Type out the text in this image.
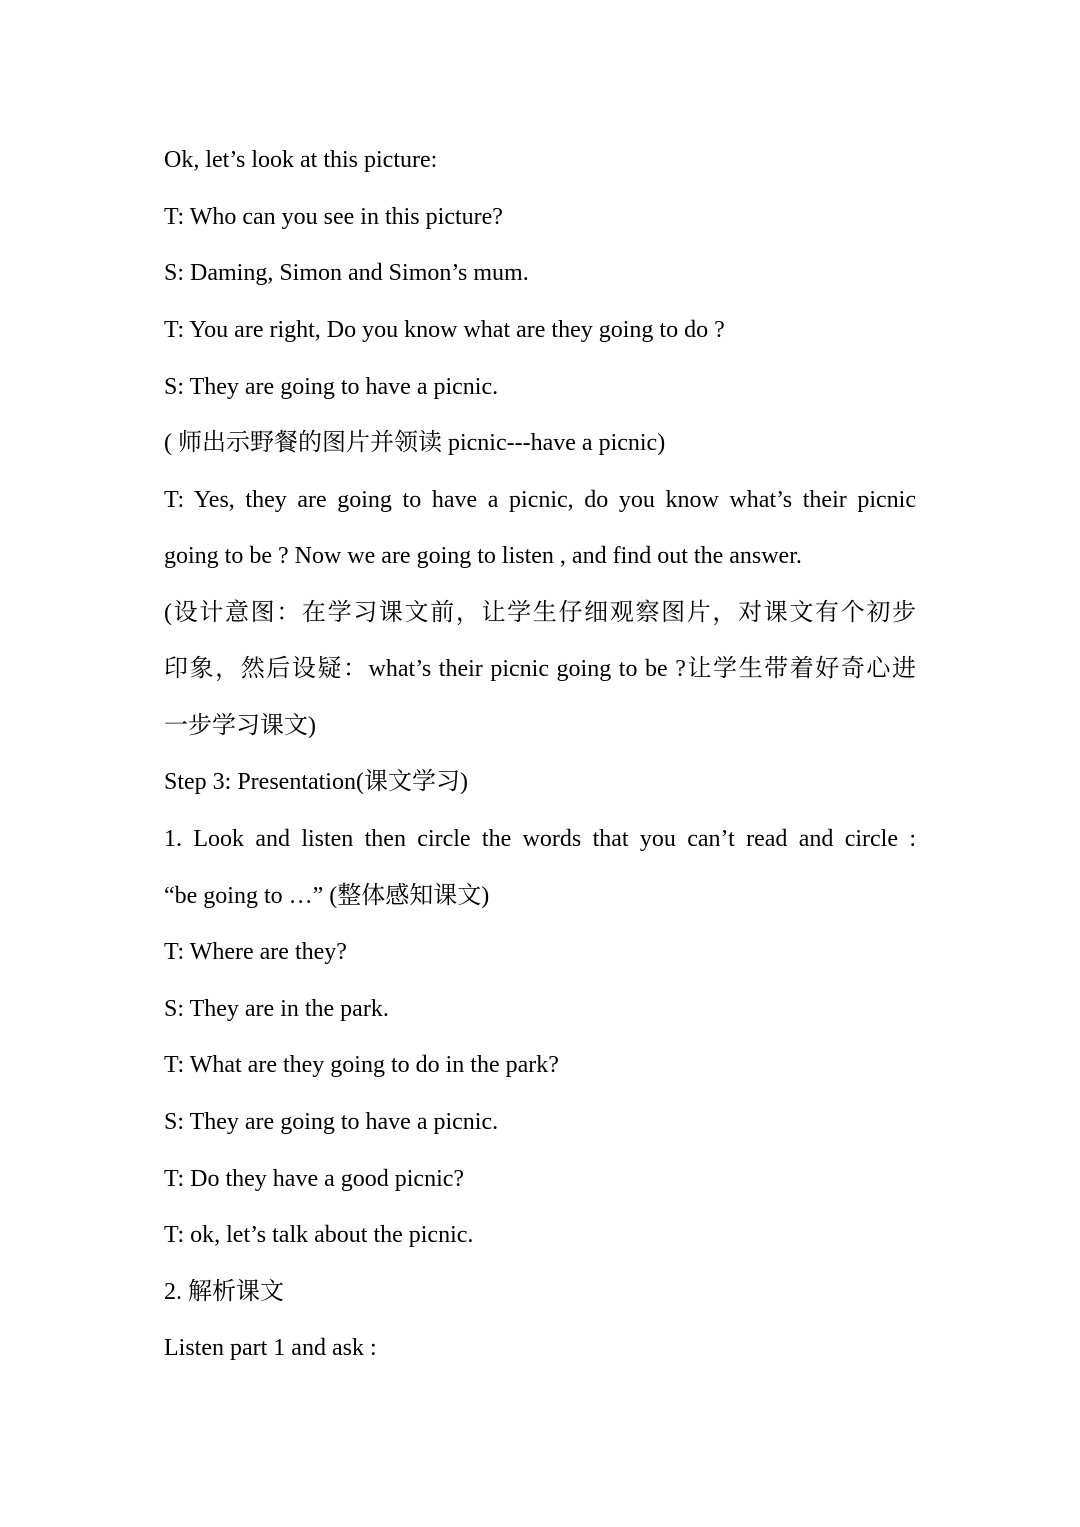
Ok, let’s look at this picture:
T: Who can you see in this picture?
S: Daming, Simon and Simon’s mum.
T: You are right, Do you know what are they going to do ?
S: They are going to have a picnic.
( 师出示野餐的图片并领读 picnic---have a picnic)
T: Yes, they are going to have a picnic, do you know what’s their picnic
going to be ? Now we are going to listen , and find out the answer.
(设计意图：在学习课文前，让学生仔细观察图片，对课文有个初步
印象，然后设疑：what’s their picnic going to be ?让学生带着好奇心进
一步学习课文)
Step 3: Presentation(课文学习)
1. Look and listen then circle the words that you can’t read and circle :
“be going to …” (整体感知课文)
T: Where are they?
S: They are in the park.
T: What are they going to do in the park?
S: They are going to have a picnic.
T: Do they have a good picnic?
T: ok, let’s talk about the picnic.
2. 解析课文
Listen part 1 and ask :
